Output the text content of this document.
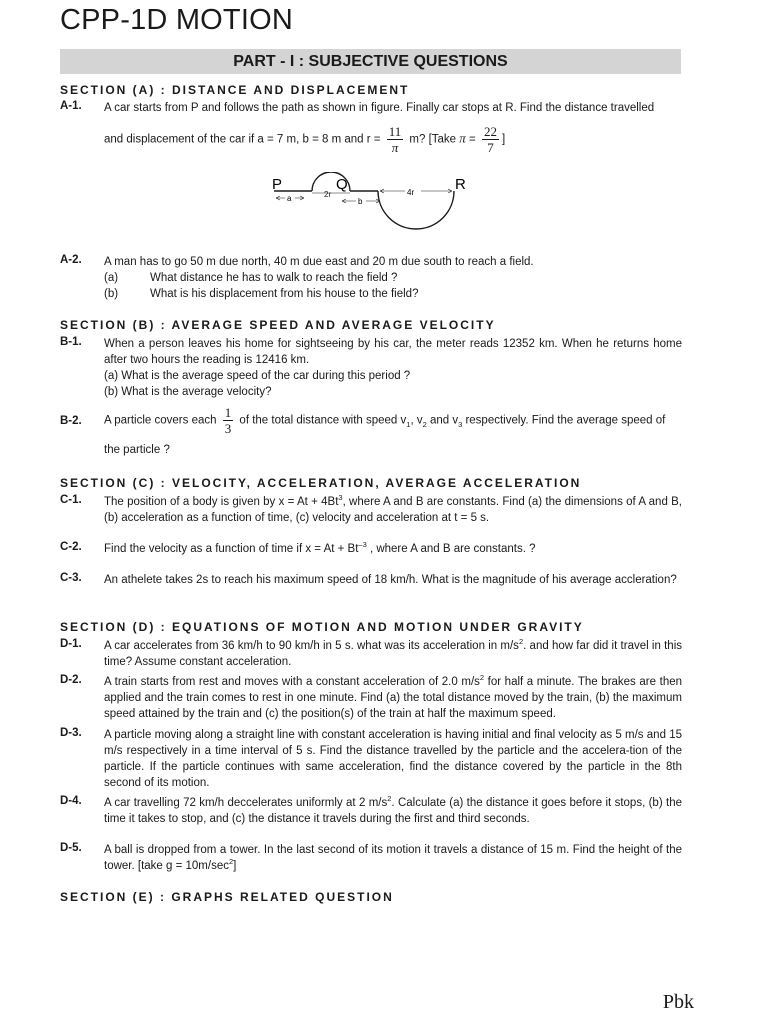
CPP-1D MOTION
PART - I : SUBJECTIVE QUESTIONS
SECTION (A) : DISTANCE AND DISPLACEMENT
A-1. A car starts from P and follows the path as shown in figure. Finally car stops at R. Find the distance travelled

and displacement of the car if a = 7 m, b = 8 m and $r = \frac{11}{\pi} m$? [Take $\pi = \frac{22}{7}$ ]

P	Q	R
2r
a	b
4r
A-2. A man has to go 50 m due north, 40 m due east and 20 m due south to reach a field.

(a)	What distance he has to walk to reach the field ?
(b)	What is his displacement from his house to the field?
SECTION (B) : AVERAGE SPEED AND AVERAGE VELOCITY
B-1. When a person leaves his home for sightseeing by his car, the meter reads 12352 km. When he returns home after two hours the reading is 12416 km.

(a) What is the average speed of the car during this period ?

(b) What is the average velocity?

B-2. A particle covers each $\frac{1}{3}$ of the total distance with speed $v_1$, $v_2$ and $v_3$ respectively. Find the average speed of

the particle ?

SECTION (C) : VELOCITY, ACCELERATION, AVERAGE ACCELERATION
C-1. The position of a body is given by $x = At + 4Bt^3$, where A and B are constants. Find (a) the dimensions of A and B, (b) acceleration as a function of time, (c) velocity and acceleration at t = 5 s.

C-2. Find the velocity as a function of time if $x = At + Bt^{-3}$ , where A and B are constants. ?

C-3. An athelete takes 2s to reach his maximum speed of 18 km/h. What is the magnitude of his average accleration?

SECTION (D) : EQUATIONS OF MOTION AND MOTION UNDER GRAVITY
D-1. A car accelerates from 36 km/h to 90 km/h in 5 s. what was its acceleration in $m/s^2$. and how far did it travel in this time? Assume constant acceleration.

D-2. A train starts from rest and moves with a constant acceleration of 2.0 $m/s^2$ for half a minute. The brakes are then applied and the train comes to rest in one minute. Find (a) the total distance moved by the train, (b) the maximum speed attained by the train and (c) the position(s) of the train at half the maximum speed.

D-3. A particle moving along a straight line with constant acceleration is having initial and final velocity as 5 m/s and 15 m/s respectively in a time interval of 5 s. Find the distance travelled by the particle and the accelera-tion of the particle. If the particle continues with same acceleration, find the distance covered by the particle in the 8th second of its motion.

D-4. A car travelling 72 km/h deccelerates uniformly at 2 $m/s^2$. Calculate (a) the distance it goes before it stops, (b) the time it takes to stop, and (c) the distance it travels during the first and third seconds.

D-5. A ball is dropped from a tower. In the last second of its motion it travels a distance of 15 m. Find the height of the tower. [take $g = 10m/\sec^2$]

SECTION (E) : GRAPHS RELATED QUESTION
Pbk
